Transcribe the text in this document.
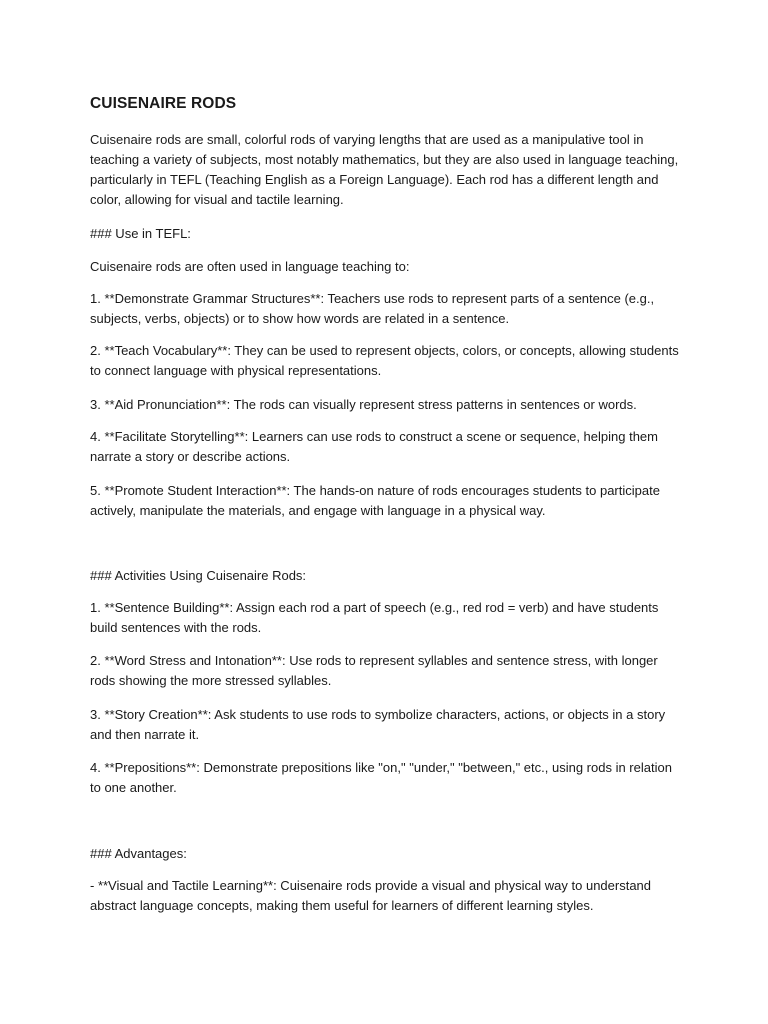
CUISENAIRE RODS

Cuisenaire rods are small, colorful rods of varying lengths that are used as a manipulative tool in teaching a variety of subjects, most notably mathematics, but they are also used in language teaching, particularly in TEFL (Teaching English as a Foreign Language). Each rod has a different length and color, allowing for visual and tactile learning.

### Use in TEFL:

Cuisenaire rods are often used in language teaching to:

1. **Demonstrate Grammar Structures**: Teachers use rods to represent parts of a sentence (e.g., subjects, verbs, objects) or to show how words are related in a sentence.

2. **Teach Vocabulary**: They can be used to represent objects, colors, or concepts, allowing students to connect language with physical representations.

3. **Aid Pronunciation**: The rods can visually represent stress patterns in sentences or words.

4. **Facilitate Storytelling**: Learners can use rods to construct a scene or sequence, helping them narrate a story or describe actions.

5. **Promote Student Interaction**: The hands-on nature of rods encourages students to participate actively, manipulate the materials, and engage with language in a physical way.

### Activities Using Cuisenaire Rods:

1. **Sentence Building**: Assign each rod a part of speech (e.g., red rod = verb) and have students build sentences with the rods.

2. **Word Stress and Intonation**: Use rods to represent syllables and sentence stress, with longer rods showing the more stressed syllables.

3. **Story Creation**: Ask students to use rods to symbolize characters, actions, or objects in a story and then narrate it.

4. **Prepositions**: Demonstrate prepositions like "on," "under," "between," etc., using rods in relation to one another.

### Advantages:

- **Visual and Tactile Learning**: Cuisenaire rods provide a visual and physical way to understand abstract language concepts, making them useful for learners of different learning styles.
